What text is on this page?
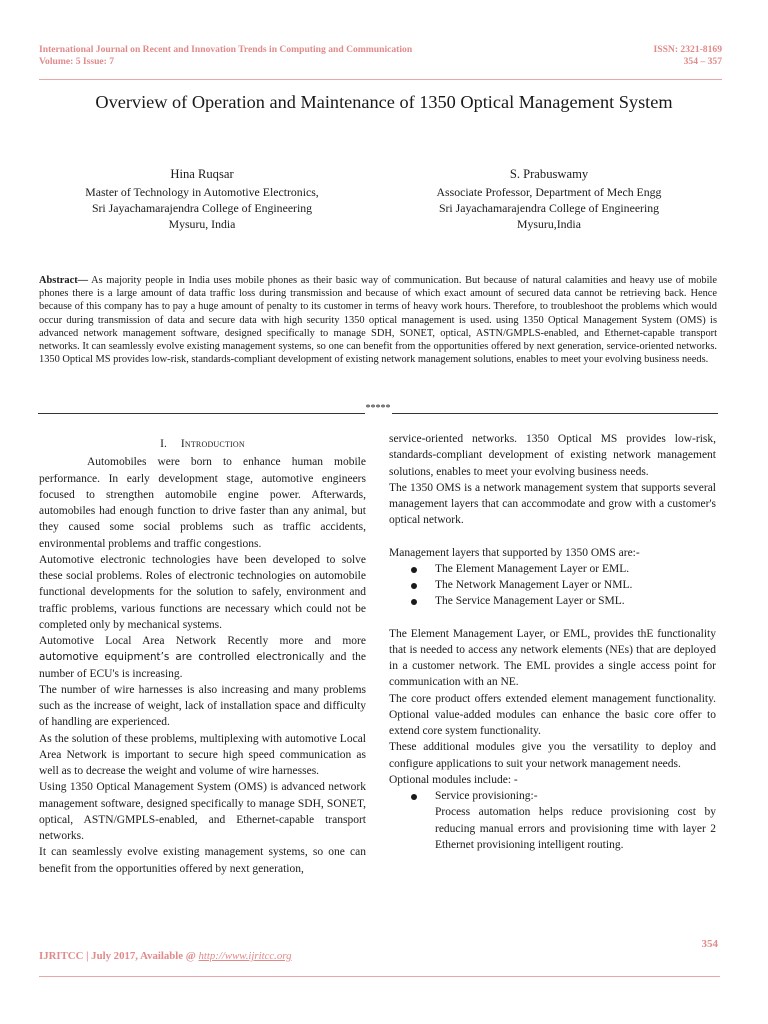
International Journal on Recent and Innovation Trends in Computing and Communication
Volume: 5 Issue: 7
ISSN: 2321-8169
354 – 357
Overview of Operation and Maintenance of 1350 Optical Management System
Hina Ruqsar
Master of Technology in Automotive Electronics,
Sri Jayachamarajendra College of Engineering
Mysuru, India
S. Prabuswamy
Associate Professor, Department of Mech Engg
Sri Jayachamarajendra College of Engineering
Mysuru,India
Abstract— As majority people in India uses mobile phones as their basic way of communication. But because of natural calamities and heavy use of mobile phones there is a large amount of data traffic loss during transmission and because of which exact amount of secured data cannot be retrieving back. Hence because of this company has to pay a huge amount of penalty to its customer in terms of heavy work hours. Therefore, to troubleshoot the problems which would occur during transmission of data and secure data with high security 1350 optical management is used. using 1350 Optical Management System (OMS) is advanced network management software, designed specifically to manage SDH, SONET, optical, ASTN/GMPLS-enabled, and Ethernet-capable transport networks. It can seamlessly evolve existing management systems, so one can benefit from the opportunities offered by next generation, service-oriented networks. 1350 Optical MS provides low-risk, standards-compliant development of existing network management solutions, enables to meet your evolving business needs.
*****
I. Introduction

Automobiles were born to enhance human mobile performance. In early development stage, automotive engineers focused to strengthen automobile engine power. Afterwards, automobiles had enough function to drive faster than any animal, but they caused some social problems such as traffic accidents, environmental problems and traffic congestions.

Automotive electronic technologies have been developed to solve these social problems. Roles of electronic technologies on automobile functional developments for the solution to safely, environment and traffic problems, various functions are necessary which could not be completed only by mechanical systems.

Automotive Local Area Network Recently more and more automotive equipment’s are controlled electronically and the number of ECU's is increasing.

The number of wire harnesses is also increasing and many problems such as the increase of weight, lack of installation space and difficulty of handling are experienced.

As the solution of these problems, multiplexing with automotive Local Area Network is important to secure high speed communication as well as to decrease the weight and volume of wire harnesses.

Using 1350 Optical Management System (OMS) is advanced network management software, designed specifically to manage SDH, SONET, optical, ASTN/GMPLS-enabled, and Ethernet-capable transport networks.

It can seamlessly evolve existing management systems, so one can benefit from the opportunities offered by next generation,

service-oriented networks. 1350 Optical MS provides low-risk, standards-compliant development of existing network management solutions, enables to meet your evolving business needs.

The 1350 OMS is a network management system that supports several management layers that can accommodate and grow with a customer's optical network.

Management layers that supported by 1350 OMS are:-

The Element Management Layer or EML.
The Network Management Layer or NML.
The Service Management Layer or SML.

The Element Management Layer, or EML, provides thE functionality that is needed to access any network elements (NEs) that are deployed in a customer network. The EML provides a single access point for communication with an NE.

The core product offers extended element management functionality. Optional value-added modules can enhance the basic core offer to extend core system functionality.

These additional modules give you the versatility to deploy and configure applications to suit your network management needs.

Optional modules include: -

Service provisioning:-

Process automation helps reduce provisioning cost by reducing manual errors and provisioning time with layer 2 Ethernet provisioning intelligent routing.

354
IJRITCC | July 2017, Available @ http://www.ijritcc.org
